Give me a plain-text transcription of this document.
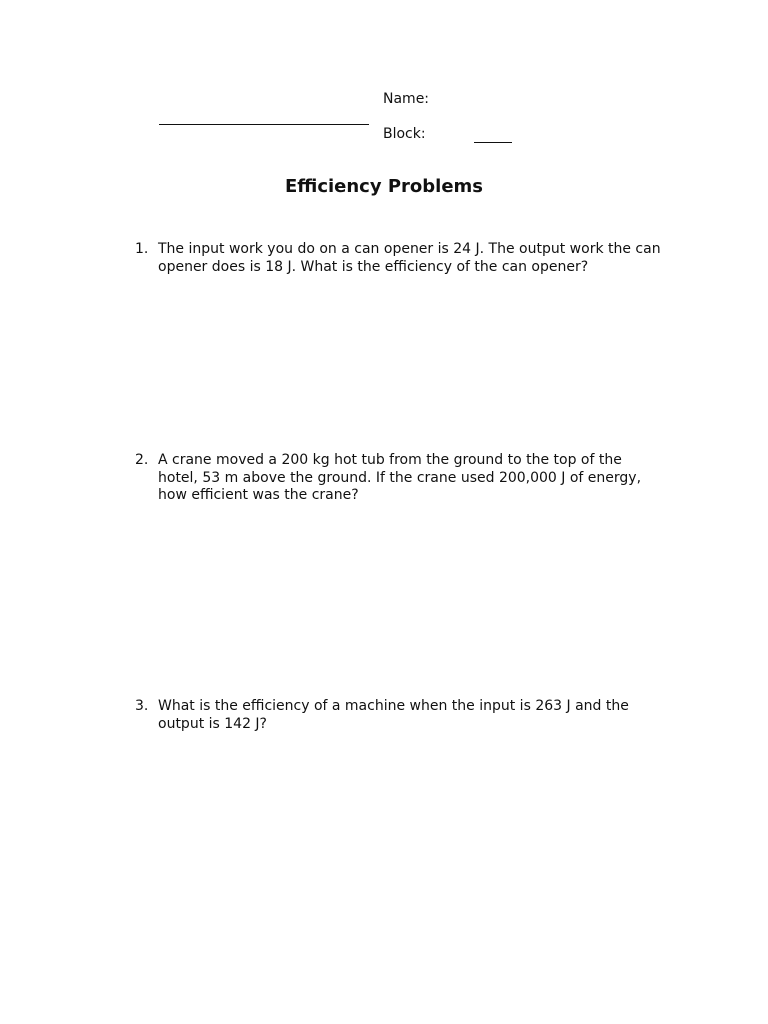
Name:
Block:
Efficiency Problems
1. The input work you do on a can opener is 24 J. The output work the can opener does is 18 J. What is the efficiency of the can opener?
2. A crane moved a 200 kg hot tub from the ground to the top of the hotel, 53 m above the ground. If the crane used 200,000 J of energy, how efficient was the crane?
3. What is the efficiency of a machine when the input is 263 J and the output is 142 J?
